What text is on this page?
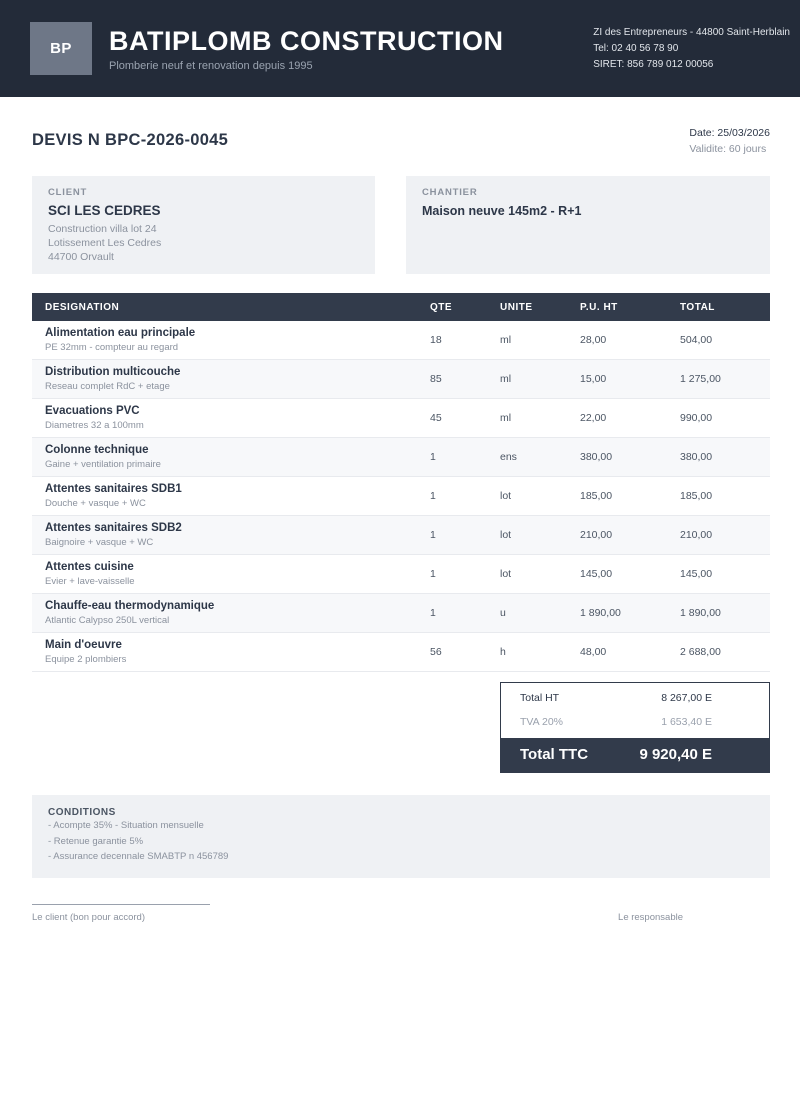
BP BATIPLOMB CONSTRUCTION
Plomberie neuf et renovation depuis 1995
ZI des Entrepreneurs - 44800 Saint-Herblain
Tel: 02 40 56 78 90
SIRET: 856 789 012 00056
DEVIS N BPC-2026-0045	Date: 25/03/2026
Validite: 60 jours
CLIENT
SCI LES CEDRES
Construction villa lot 24
Lotissement Les Cedres
44700 Orvault
CHANTIER
Maison neuve 145m2 - R+1
DESIGNATION	QTE	UNITE	P.U. HT	TOTAL
Alimentation eau principale
PE 32mm - compteur au regard
18	ml	28,00	504,00
Distribution multicouche
Reseau complet RdC + etage
85	ml	15,00	1 275,00
Evacuations PVC
Diametres 32 a 100mm
45	ml	22,00	990,00
Colonne technique
Gaine + ventilation primaire
1	ens	380,00	380,00
Attentes sanitaires SDB1
Douche + vasque + WC
1	lot	185,00	185,00
Attentes sanitaires SDB2
Baignoire + vasque + WC
1	lot	210,00	210,00
Attentes cuisine
Evier + lave-vaisselle
1	lot	145,00	145,00
Chauffe-eau thermodynamique
Atlantic Calypso 250L vertical
1	u	1 890,00	1 890,00
Main d'oeuvre
Equipe 2 plombiers
56	h	48,00	2 688,00
Total HT	8 267,00 E
TVA 20%	1 653,40 E
Total TTC	9 920,40 E
CONDITIONS
- Acompte 35% - Situation mensuelle
- Retenue garantie 5%
- Assurance decennale SMABTP n 456789
Le client (bon pour accord)	Le responsable
